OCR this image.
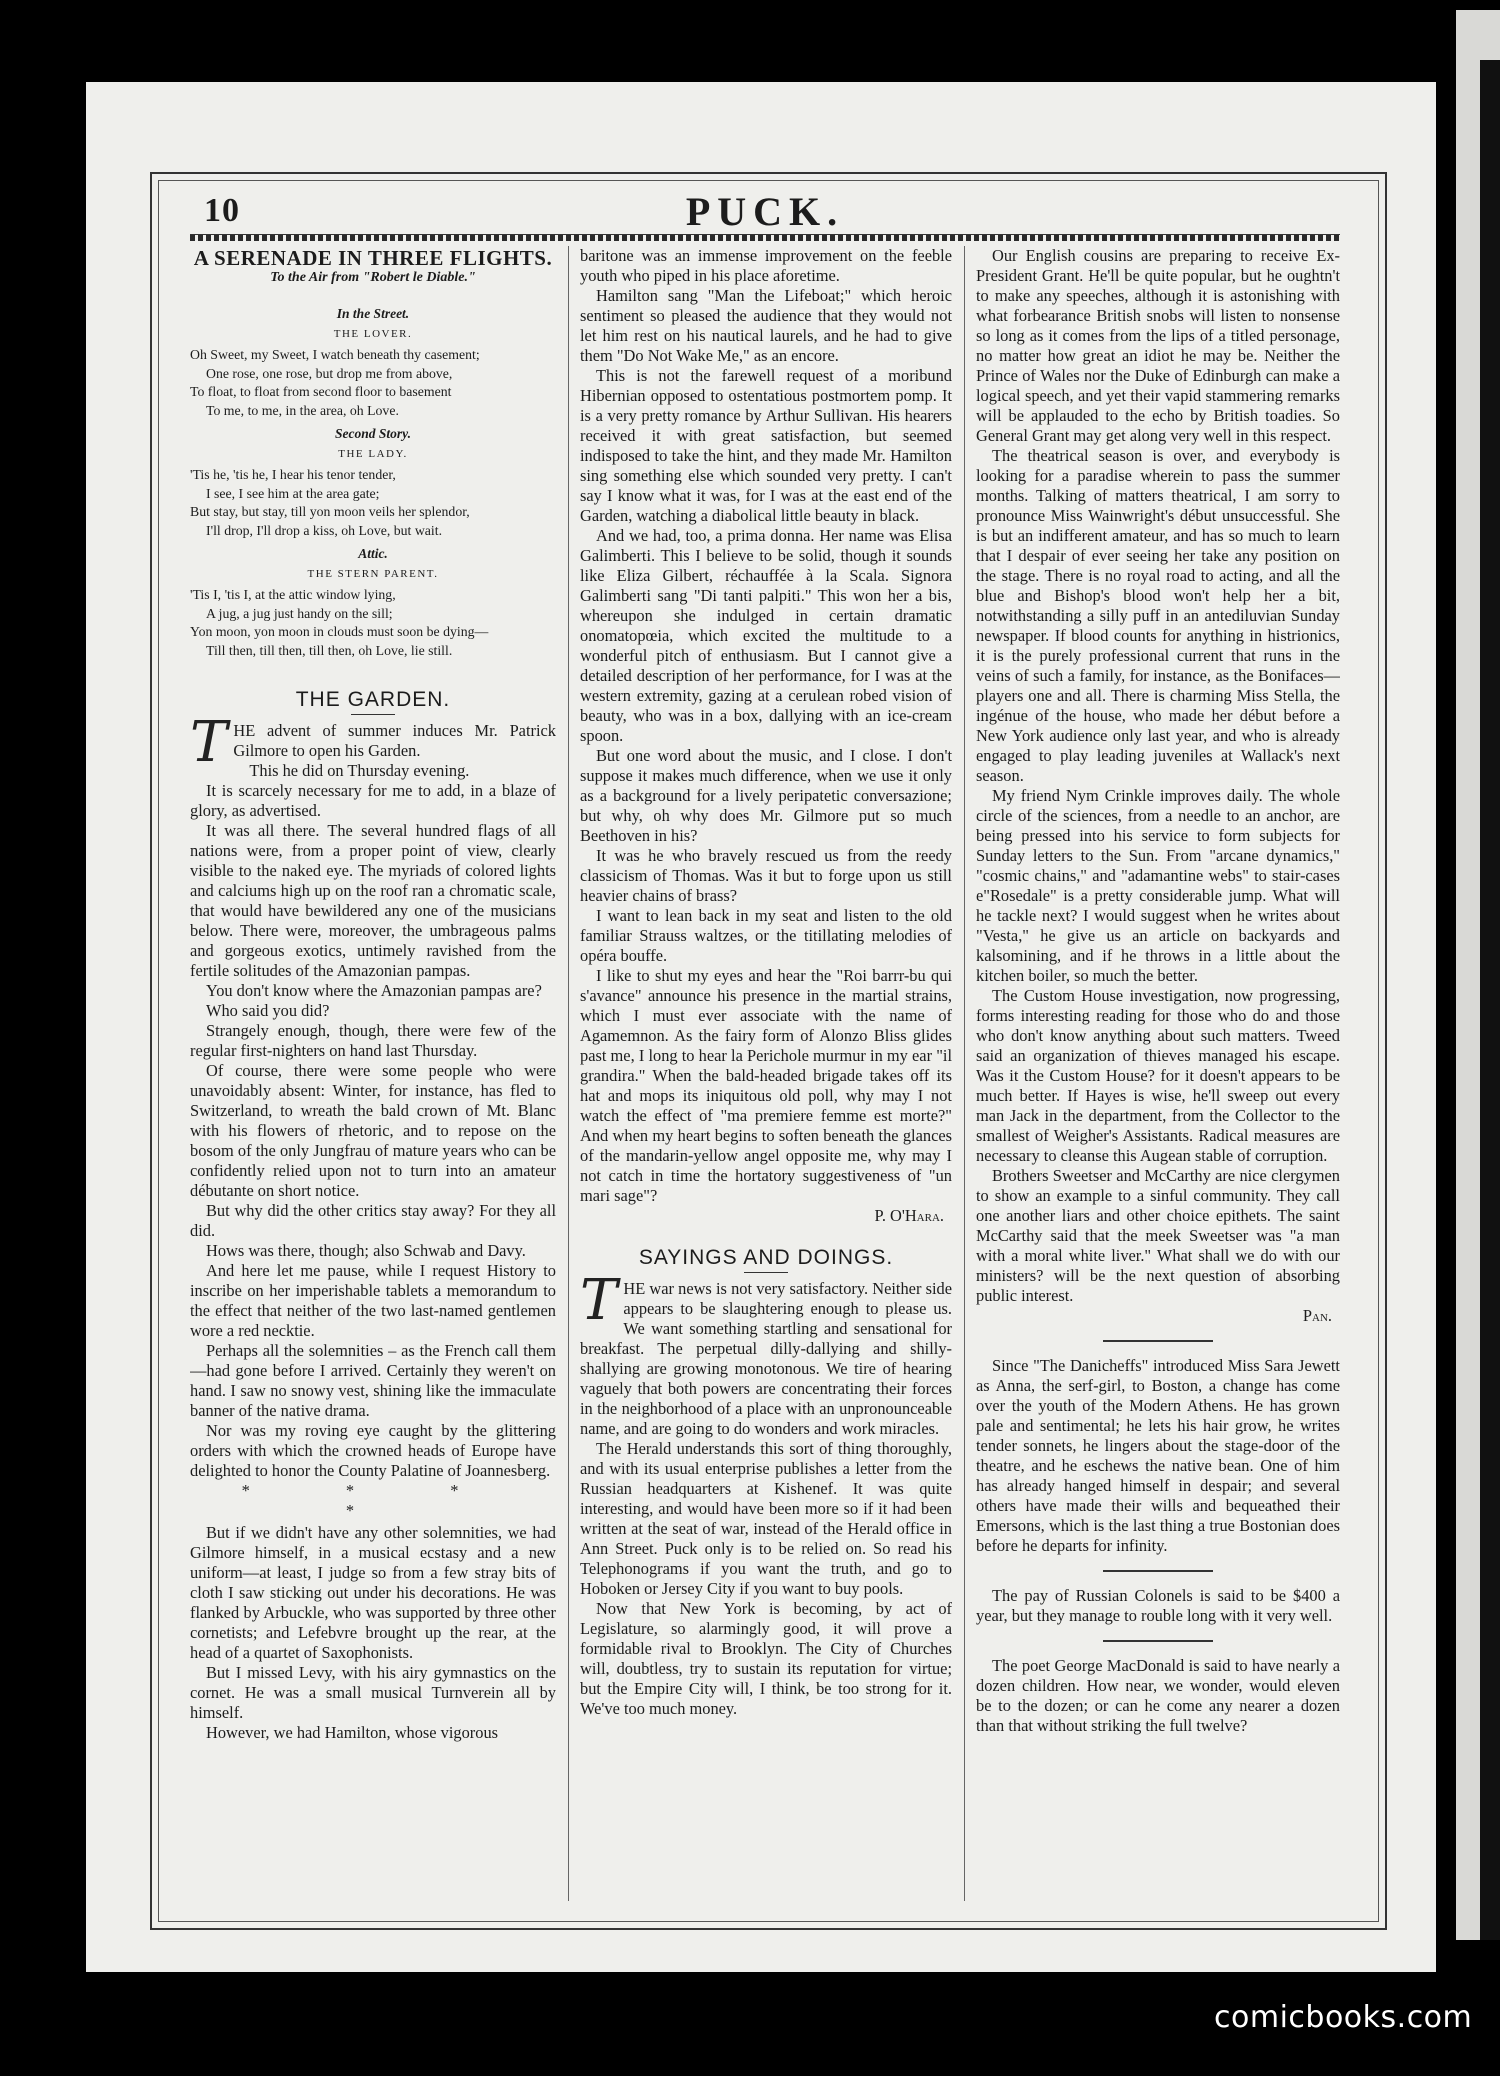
10	PUCK.
A SERENADE IN THREE FLIGHTS.
To the Air from "Robert le Diable."
In the Street.
THE LOVER.
Oh Sweet, my Sweet, I watch beneath thy casement;
One rose, one rose, but drop me from above,
To float, to float from second floor to basement
To me, to me, in the area, oh Love.
Second Story.
THE LADY.
'Tis he, 'tis he, I hear his tenor tender,
I see, I see him at the area gate;
But stay, but stay, till yon moon veils her splendor,
I'll drop, I'll drop a kiss, oh Love, but wait.
Attic.
THE STERN PARENT.
'Tis I, 'tis I, at the attic window lying,
A jug, a jug just handy on the sill;
Yon moon, yon moon in clouds must soon be dying—
Till then, till then, till then, oh Love, lie still.
THE GARDEN.

THE advent of summer induces Mr. Patrick Gilmore to open his Garden.

This he did on Thursday evening.

It is scarcely necessary for me to add, in a blaze of glory, as advertised.

It was all there. The several hundred flags of all nations were, from a proper point of view, clearly visible to the naked eye. The myriads of colored lights and calciums high up on the roof ran a chromatic scale, that would have bewildered any one of the musicians below. There were, moreover, the umbrageous palms and gorgeous exotics, untimely ravished from the fertile solitudes of the Amazonian pampas.

You don't know where the Amazonian pampas are?

Who said you did?

Strangely enough, though, there were few of the regular first-nighters on hand last Thursday.

Of course, there were some people who were unavoidably absent: Winter, for instance, has fled to Switzerland, to wreath the bald crown of Mt. Blanc with his flowers of rhetoric, and to repose on the bosom of the only Jungfrau of mature years who can be confidently relied upon not to turn into an amateur débutante on short notice.

But why did the other critics stay away? For they all did.

Hows was there, though; also Schwab and Davy.

And here let me pause, while I request History to inscribe on her imperishable tablets a memorandum to the effect that neither of the two last-named gentlemen wore a red necktie.

Perhaps all the solemnities – as the French call them—had gone before I arrived. Certainly they weren't on hand. I saw no snowy vest, shining like the immaculate banner of the native drama.

Nor was my roving eye caught by the glittering orders with which the crowned heads of Europe have delighted to honor the County Palatine of Joannesberg.

* * * *

But if we didn't have any other solemnities, we had Gilmore himself, in a musical ecstasy and a new uniform—at least, I judge so from a few stray bits of cloth I saw sticking out under his decorations. He was flanked by Arbuckle, who was supported by three other cornetists; and Lefebvre brought up the rear, at the head of a quartet of Saxophonists.

But I missed Levy, with his airy gymnastics on the cornet. He was a small musical Turnverein all by himself.

However, we had Hamilton, whose vigorous

baritone was an immense improvement on the feeble youth who piped in his place aforetime.

Hamilton sang "Man the Lifeboat;" which heroic sentiment so pleased the audience that they would not let him rest on his nautical laurels, and he had to give them "Do Not Wake Me," as an encore.

This is not the farewell request of a moribund Hibernian opposed to ostentatious postmortem pomp. It is a very pretty romance by Arthur Sullivan. His hearers received it with great satisfaction, but seemed indisposed to take the hint, and they made Mr. Hamilton sing something else which sounded very pretty. I can't say I know what it was, for I was at the east end of the Garden, watching a diabolical little beauty in black.

And we had, too, a prima donna. Her name was Elisa Galimberti. This I believe to be solid, though it sounds like Eliza Gilbert, réchauffée à la Scala. Signora Galimberti sang "Di tanti palpiti." This won her a bis, whereupon she indulged in certain dramatic onomatopœia, which excited the multitude to a wonderful pitch of enthusiasm. But I cannot give a detailed description of her performance, for I was at the western extremity, gazing at a cerulean robed vision of beauty, who was in a box, dallying with an ice-cream spoon.

But one word about the music, and I close. I don't suppose it makes much difference, when we use it only as a background for a lively peripatetic conversazione; but why, oh why does Mr. Gilmore put so much Beethoven in his?

It was he who bravely rescued us from the reedy classicism of Thomas. Was it but to forge upon us still heavier chains of brass?

I want to lean back in my seat and listen to the old familiar Strauss waltzes, or the titillating melodies of opéra bouffe.

I like to shut my eyes and hear the "Roi barrr-bu qui s'avance" announce his presence in the martial strains, which I must ever associate with the name of Agamemnon. As the fairy form of Alonzo Bliss glides past me, I long to hear la Perichole murmur in my ear "il grandira." When the bald-headed brigade takes off its hat and mops its iniquitous old poll, why may I not watch the effect of "ma premiere femme est morte?" And when my heart begins to soften beneath the glances of the mandarin-yellow angel opposite me, why may I not catch in time the hortatory suggestiveness of "un mari sage"?

P. O'Hara.
SAYINGS AND DOINGS.

THE war news is not very satisfactory. Neither side appears to be slaughtering enough to please us. We want something startling and sensational for breakfast. The perpetual dilly-dallying and shilly-shallying are growing monotonous. We tire of hearing vaguely that both powers are concentrating their forces in the neighborhood of a place with an unpronounceable name, and are going to do wonders and work miracles.

The Herald understands this sort of thing thoroughly, and with its usual enterprise publishes a letter from the Russian headquarters at Kishenef. It was quite interesting, and would have been more so if it had been written at the seat of war, instead of the Herald office in Ann Street. Puck only is to be relied on. So read his Telephonograms if you want the truth, and go to Hoboken or Jersey City if you want to buy pools.

Now that New York is becoming, by act of Legislature, so alarmingly good, it will prove a formidable rival to Brooklyn. The City of Churches will, doubtless, try to sustain its reputation for virtue; but the Empire City will, I think, be too strong for it. We've too much money.

Our English cousins are preparing to receive Ex-President Grant. He'll be quite popular, but he oughtn't to make any speeches, although it is astonishing with what forbearance British snobs will listen to nonsense so long as it comes from the lips of a titled personage, no matter how great an idiot he may be. Neither the Prince of Wales nor the Duke of Edinburgh can make a logical speech, and yet their vapid stammering remarks will be applauded to the echo by British toadies. So General Grant may get along very well in this respect.

The theatrical season is over, and everybody is looking for a paradise wherein to pass the summer months. Talking of matters theatrical, I am sorry to pronounce Miss Wainwright's début unsuccessful. She is but an indifferent amateur, and has so much to learn that I despair of ever seeing her take any position on the stage. There is no royal road to acting, and all the blue and Bishop's blood won't help her a bit, notwithstanding a silly puff in an antediluvian Sunday newspaper. If blood counts for anything in histrionics, it is the purely professional current that runs in the veins of such a family, for instance, as the Bonifaces—players one and all. There is charming Miss Stella, the ingénue of the house, who made her début before a New York audience only last year, and who is already engaged to play leading juveniles at Wallack's next season.

My friend Nym Crinkle improves daily. The whole circle of the sciences, from a needle to an anchor, are being pressed into his service to form subjects for Sunday letters to the Sun. From "arcane dynamics," "cosmic chains," and "adamantine webs" to stair-cases e"Rosedale" is a pretty considerable jump. What will he tackle next? I would suggest when he writes about "Vesta," he give us an article on backyards and kalsomining, and if he throws in a little about the kitchen boiler, so much the better.

The Custom House investigation, now progressing, forms interesting reading for those who do and those who don't know anything about such matters. Tweed said an organization of thieves managed his escape. Was it the Custom House? for it doesn't appears to be much better. If Hayes is wise, he'll sweep out every man Jack in the department, from the Collector to the smallest of Weigher's Assistants. Radical measures are necessary to cleanse this Augean stable of corruption.

Brothers Sweetser and McCarthy are nice clergymen to show an example to a sinful community. They call one another liars and other choice epithets. The saint McCarthy said that the meek Sweetser was "a man with a moral white liver." What shall we do with our ministers? will be the next question of absorbing public interest.

Pan.

Since "The Danicheffs" introduced Miss Sara Jewett as Anna, the serf-girl, to Boston, a change has come over the youth of the Modern Athens. He has grown pale and sentimental; he lets his hair grow, he writes tender sonnets, he lingers about the stage-door of the theatre, and he eschews the native bean. One of him has already hanged himself in despair; and several others have made their wills and bequeathed their Emersons, which is the last thing a true Bostonian does before he departs for infinity.

The pay of Russian Colonels is said to be $400 a year, but they manage to rouble long with it very well.

The poet George MacDonald is said to have nearly a dozen children. How near, we wonder, would eleven be to the dozen; or can he come any nearer a dozen than that without striking the full twelve?

comicbooks.com
